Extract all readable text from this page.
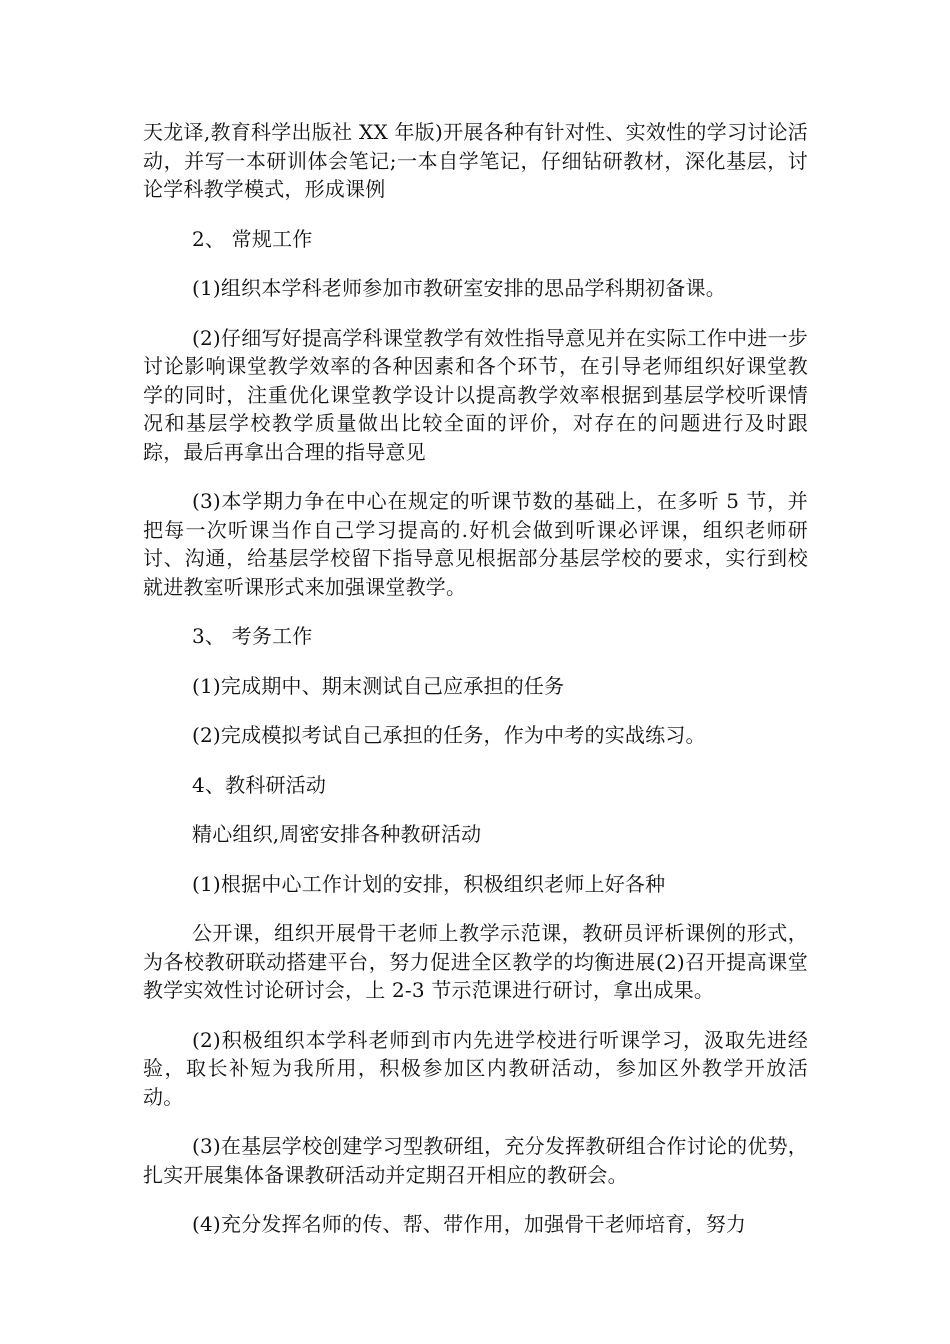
天龙译,教育科学出版社 XX 年版)开展各种有针对性、实效性的学习讨论活动，并写一本研训体会笔记;一本自学笔记，仔细钻研教材，深化基层，讨论学科教学模式，形成课例

2、 常规工作

(1)组织本学科老师参加市教研室安排的思品学科期初备课。

(2)仔细写好提高学科课堂教学有效性指导意见并在实际工作中进一步讨论影响课堂教学效率的各种因素和各个环节，在引导老师组织好课堂教学的同时，注重优化课堂教学设计以提高教学效率根据到基层学校听课情况和基层学校教学质量做出比较全面的评价，对存在的问题进行及时跟踪，最后再拿出合理的指导意见

(3)本学期力争在中心在规定的听课节数的基础上，在多听 5 节，并把每一次听课当作自己学习提高的.好机会做到听课必评课，组织老师研讨、沟通，给基层学校留下指导意见根据部分基层学校的要求，实行到校就进教室听课形式来加强课堂教学。

3、 考务工作

(1)完成期中、期末测试自己应承担的任务

(2)完成模拟考试自己承担的任务，作为中考的实战练习。

4、教科研活动

精心组织,周密安排各种教研活动

(1)根据中心工作计划的安排，积极组织老师上好各种

公开课，组织开展骨干老师上教学示范课，教研员评析课例的形式，为各校教研联动搭建平台，努力促进全区教学的均衡进展(2)召开提高课堂教学实效性讨论研讨会，上 2-3 节示范课进行研讨，拿出成果。

(2)积极组织本学科老师到市内先进学校进行听课学习，汲取先进经验，取长补短为我所用，积极参加区内教研活动，参加区外教学开放活动。

(3)在基层学校创建学习型教研组，充分发挥教研组合作讨论的优势，扎实开展集体备课教研活动并定期召开相应的教研会。

(4)充分发挥名师的传、帮、带作用，加强骨干老师培育，努力
